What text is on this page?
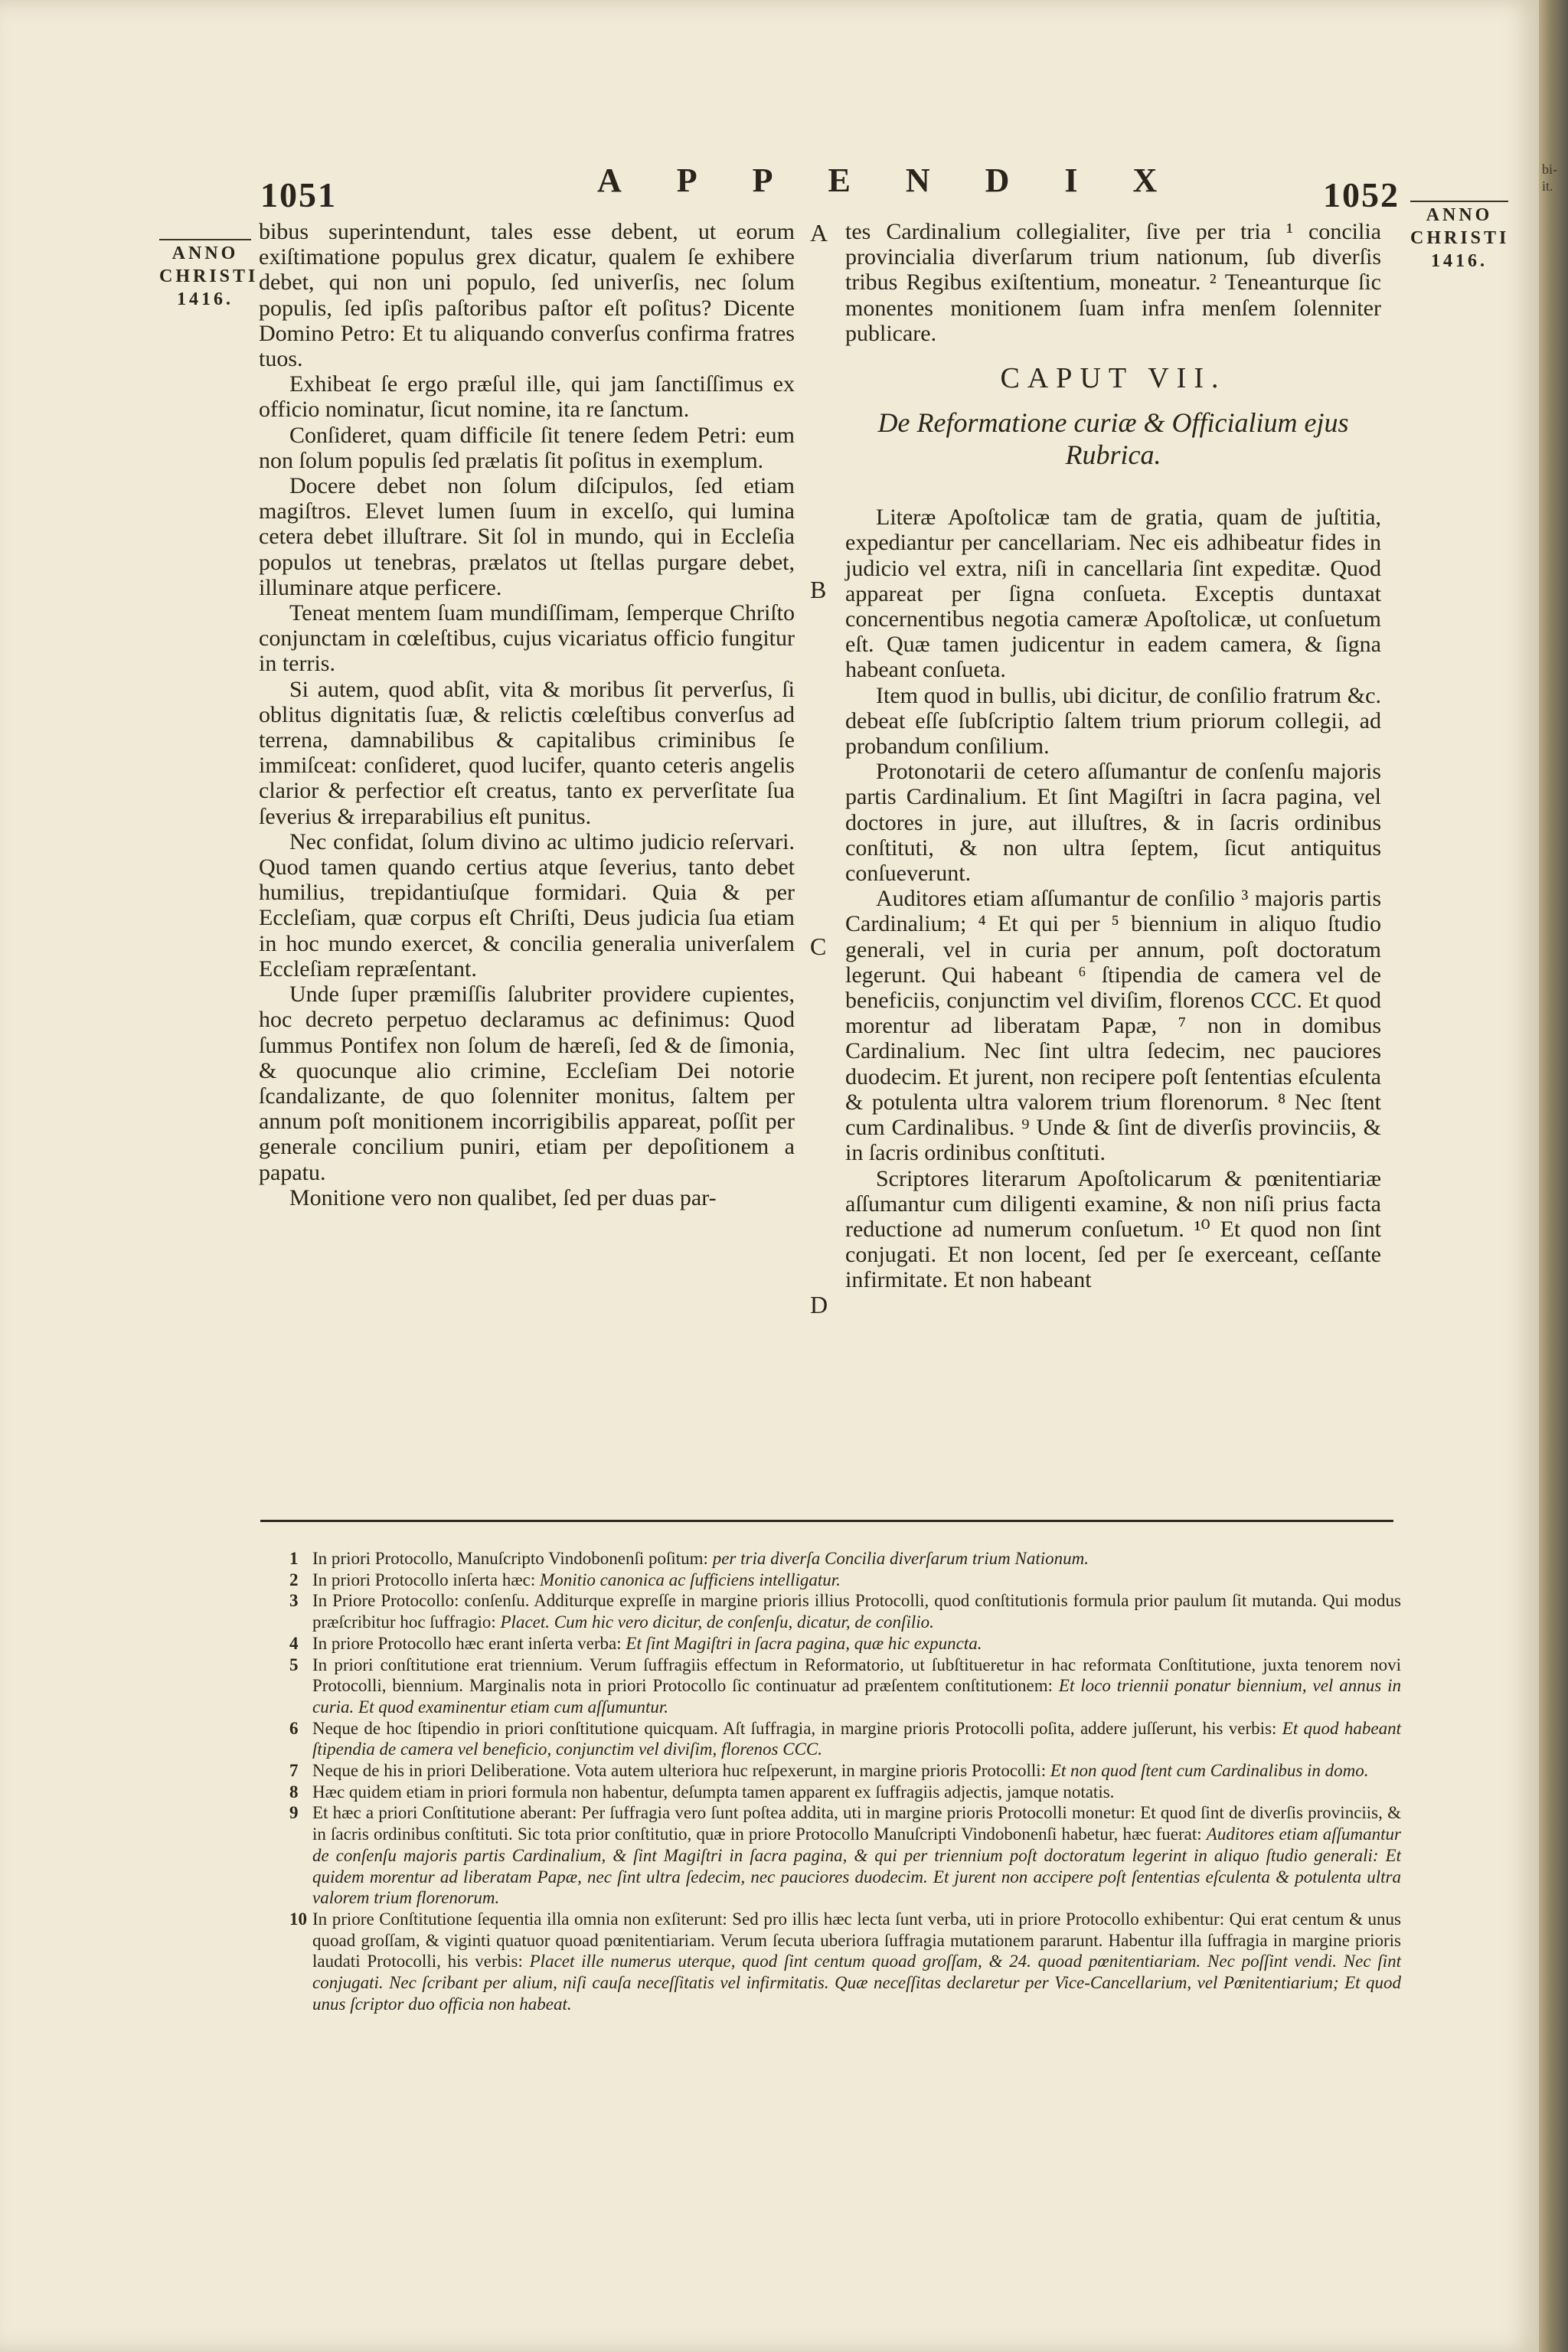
1051	APPENDIX	1052
ANNO
CHRISTI
1416.
ANNO
CHRISTI
1416.
A
B
C
D

bibus superintendunt, tales esse debent, ut eorum exiſtimatione populus grex dicatur, qualem ſe exhibere debet, qui non uni populo, ſed univerſis, nec ſolum populis, ſed ipſis paſtoribus paſtor eſt poſitus? Dicente Domino Petro: Et tu aliquando converſus confirma fratres tuos.

Exhibeat ſe ergo præſul ille, qui jam ſanctiſſimus ex officio nominatur, ſicut nomine, ita re ſanctum.

Conſideret, quam difficile ſit tenere ſedem Petri: eum non ſolum populis ſed prælatis ſit poſitus in exemplum.

Docere debet non ſolum diſcipulos, ſed etiam magiſtros. Elevet lumen ſuum in excelſo, qui lumina cetera debet illuſtrare. Sit ſol in mundo, qui in Eccleſia populos ut tenebras, prælatos ut ſtellas purgare debet, illuminare atque perficere.

Teneat mentem ſuam mundiſſimam, ſemperque Chriſto conjunctam in cœleſtibus, cujus vicariatus officio fungitur in terris.

Si autem, quod abſit, vita & moribus ſit perverſus, ſi oblitus dignitatis ſuæ, & relictis cœleſtibus converſus ad terrena, damnabilibus & capitalibus criminibus ſe immiſceat: conſideret, quod lucifer, quanto ceteris angelis clarior & perfectior eſt creatus, tanto ex perverſitate ſua ſeverius & irreparabilius eſt punitus.

Nec confidat, ſolum divino ac ultimo judicio reſervari. Quod tamen quando certius atque ſeverius, tanto debet humilius, trepidantiuſque formidari. Quia & per Eccleſiam, quæ corpus eſt Chriſti, Deus judicia ſua etiam in hoc mundo exercet, & concilia generalia univerſalem Eccleſiam repræſentant.

Unde ſuper præmiſſis ſalubriter providere cupientes, hoc decreto perpetuo declaramus ac definimus: Quod ſummus Pontifex non ſolum de hæreſi, ſed & de ſimonia, & quocunque alio crimine, Eccleſiam Dei notorie ſcandalizante, de quo ſolenniter monitus, ſaltem per annum poſt monitionem incorrigibilis appareat, poſſit per generale concilium puniri, etiam per depoſitionem a papatu.

Monitione vero non qualibet, ſed per duas par-

tes Cardinalium collegialiter, ſive per tria ¹ concilia provincialia diverſarum trium nationum, ſub diverſis tribus Regibus exiſtentium, moneatur. ² Teneanturque ſic monentes monitionem ſuam infra menſem ſolenniter publicare.

CAPUT VII.
De Reformatione curiæ & Officialium ejus Rubrica.

Literæ Apoſtolicæ tam de gratia, quam de juſtitia, expediantur per cancellariam. Nec eis adhibeatur fides in judicio vel extra, niſi in cancellaria ſint expeditæ. Quod appareat per ſigna conſueta. Exceptis duntaxat concernentibus negotia cameræ Apoſtolicæ, ut conſuetum eſt. Quæ tamen judicentur in eadem camera, & ſigna habeant conſueta.

Item quod in bullis, ubi dicitur, de conſilio fratrum &c. debeat eſſe ſubſcriptio ſaltem trium priorum collegii, ad probandum conſilium.

Protonotarii de cetero aſſumantur de conſenſu majoris partis Cardinalium. Et ſint Magiſtri in ſacra pagina, vel doctores in jure, aut illuſtres, & in ſacris ordinibus conſtituti, & non ultra ſeptem, ſicut antiquitus conſueverunt.

Auditores etiam aſſumantur de conſilio ³ majoris partis Cardinalium; ⁴ Et qui per ⁵ biennium in aliquo ſtudio generali, vel in curia per annum, poſt doctoratum legerunt. Qui habeant ⁶ ſtipendia de camera vel de beneficiis, conjunctim vel diviſim, florenos CCC. Et quod morentur ad liberatam Papæ, ⁷ non in domibus Cardinalium. Nec ſint ultra ſedecim, nec pauciores duodecim. Et jurent, non recipere poſt ſententias eſculenta & potulenta ultra valorem trium florenorum. ⁸ Nec ſtent cum Cardinalibus. ⁹ Unde & ſint de diverſis provinciis, & in ſacris ordinibus conſtituti.

Scriptores literarum Apoſtolicarum & pœnitentiariæ aſſumantur cum diligenti examine, & non niſi prius facta reductione ad numerum conſuetum. ¹⁰ Et quod non ſint conjugati. Et non locent, ſed per ſe exerceant, ceſſante infirmitate. Et non habeant

1 In priori Protocollo, Manuſcripto Vindobonenſi poſitum: per tria diverſa Concilia diverſarum trium Nationum.

2 In priori Protocollo inſerta hæc: Monitio canonica ac ſufficiens intelligatur.

3 In Priore Protocollo: conſenſu. Additurque expreſſe in margine prioris illius Protocolli, quod conſtitutionis formula prior paulum ſit mutanda. Qui modus præſcribitur hoc ſuffragio: Placet. Cum hic vero dicitur, de conſenſu, dicatur, de conſilio.

4 In priore Protocollo hæc erant inſerta verba: Et ſint Magiſtri in ſacra pagina, quæ hic expuncta.

5 In priori conſtitutione erat triennium. Verum ſuffragiis effectum in Reformatorio, ut ſubſtitueretur in hac reformata Conſtitutione, juxta tenorem novi Protocolli, biennium. Marginalis nota in priori Protocollo ſic continuatur ad præſentem conſtitutionem: Et loco triennii ponatur biennium, vel annus in curia. Et quod examinentur etiam cum aſſumuntur.

6 Neque de hoc ſtipendio in priori conſtitutione quicquam. Aſt ſuffragia, in margine prioris Protocolli poſita, addere juſſerunt, his verbis: Et quod habeant ſtipendia de camera vel beneficio, conjunctim vel diviſim, florenos CCC.

7 Neque de his in priori Deliberatione. Vota autem ulteriora huc reſpexerunt, in margine prioris Protocolli: Et non quod ſtent cum Cardinalibus in domo.

8 Hæc quidem etiam in priori formula non habentur, deſumpta tamen apparent ex ſuffragiis adjectis, jamque notatis.

9 Et hæc a priori Conſtitutione aberant: Per ſuffragia vero ſunt poſtea addita, uti in margine prioris Protocolli monetur: Et quod ſint de diverſis provinciis, & in ſacris ordinibus conſtituti. Sic tota prior conſtitutio, quæ in priore Protocollo Manuſcripti Vindobonenſi habetur, hæc fuerat: Auditores etiam aſſumantur de conſenſu majoris partis Cardinalium, & ſint Magiſtri in ſacra pagina, & qui per triennium poſt doctoratum legerint in aliquo ſtudio generali: Et quidem morentur ad liberatam Papæ, nec ſint ultra ſedecim, nec pauciores duodecim. Et jurent non accipere poſt ſententias eſculenta & potulenta ultra valorem trium florenorum.

10 In priore Conſtitutione ſequentia illa omnia non exſiterunt: Sed pro illis hæc lecta ſunt verba, uti in priore Protocollo exhibentur: Qui erat centum & unus quoad groſſam, & viginti quatuor quoad pœnitentiariam. Verum ſecuta uberiora ſuffragia mutationem pararunt. Habentur illa ſuffragia in margine prioris laudati Protocolli, his verbis: Placet ille numerus uterque, quod ſint centum quoad groſſam, & 24. quoad pœnitentiariam. Nec poſſint vendi. Nec ſint conjugati. Nec ſcribant per alium, niſi cauſa neceſſitatis vel infirmitatis. Quæ neceſſitas declaretur per Vice-Cancellarium, vel Pœnitentiarium; Et quod unus ſcriptor duo officia non habeat.

bi- it.
